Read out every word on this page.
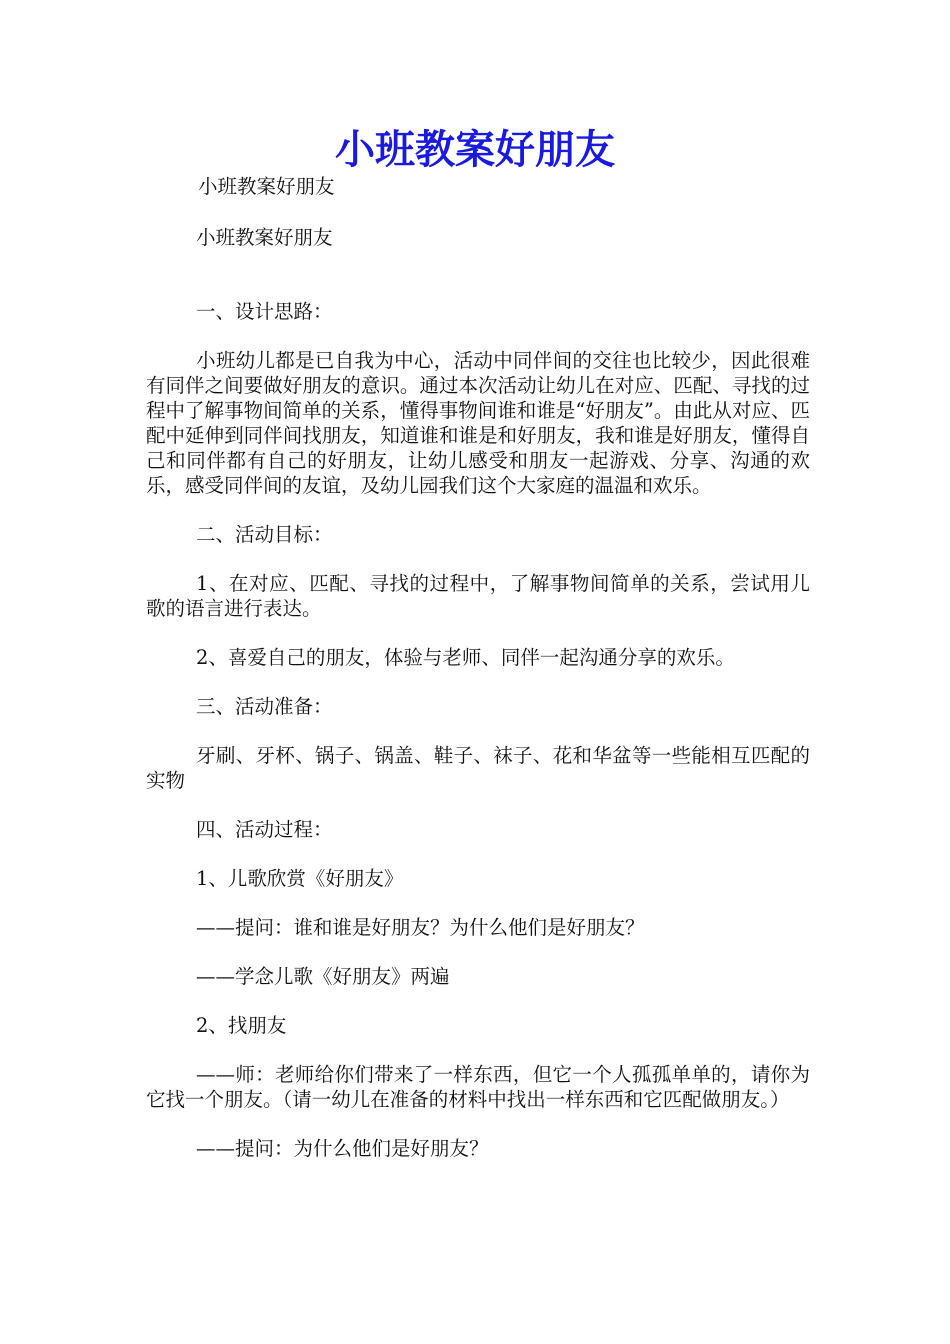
小班教案好朋友

小班教案好朋友

小班教案好朋友

一、设计思路：

小班幼儿都是已自我为中心，活动中同伴间的交往也比较少，因此很难有同伴之间要做好朋友的意识。通过本次活动让幼儿在对应、匹配、寻找的过程中了解事物间简单的关系，懂得事物间谁和谁是“好朋友”。由此从对应、匹配中延伸到同伴间找朋友，知道谁和谁是和好朋友，我和谁是好朋友，懂得自己和同伴都有自己的好朋友，让幼儿感受和朋友一起游戏、分享、沟通的欢乐，感受同伴间的友谊，及幼儿园我们这个大家庭的温温和欢乐。

二、活动目标：

1、在对应、匹配、寻找的过程中，了解事物间简单的关系，尝试用儿歌的语言进行表达。

2、喜爱自己的朋友，体验与老师、同伴一起沟通分享的欢乐。

三、活动准备：

牙刷、牙杯、锅子、锅盖、鞋子、袜子、花和华盆等一些能相互匹配的实物

四、活动过程：

1、儿歌欣赏《好朋友》

——提问：谁和谁是好朋友？为什么他们是好朋友？

——学念儿歌《好朋友》两遍

2、找朋友

——师：老师给你们带来了一样东西，但它一个人孤孤单单的，请你为它找一个朋友。（请一幼儿在准备的材料中找出一样东西和它匹配做朋友。）

——提问：为什么他们是好朋友？
